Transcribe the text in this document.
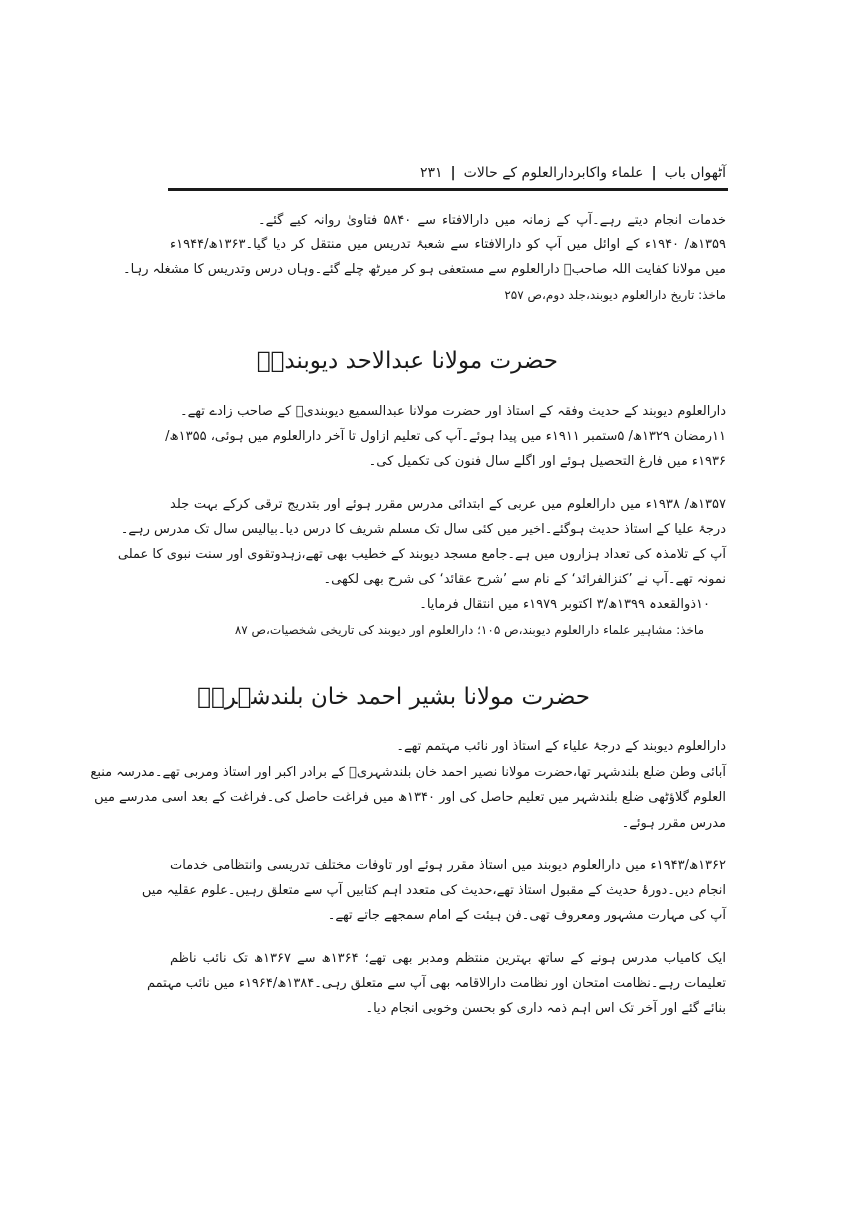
آٹھواں باب
|
علماء واکابردارالعلوم کے حالات
|
۲۳۱
خدمات انجام دیتے رہے۔آپ کے زمانہ میں دارالافتاء سے ۵۸۴۰ فتاویٰ روانہ کیے گئے۔
۱۳۵۹ھ/ ۱۹۴۰ء کے اوائل میں آپ کو دارالافتاء سے شعبۂ تدریس میں منتقل کر دیا گیا۔۱۳۶۳ھ/۱۹۴۴ء
میں مولانا کفایت اللہ صاحبؒ دارالعلوم سے مستعفی ہو کر میرٹھ چلے گئے۔وہاں درس وتدریس کا مشغلہ رہا۔
ماخذ: تاریخ دارالعلوم دیوبند،جلد دوم،ص ۲۵۷
حضرت مولانا عبدالاحد دیوبندیؒ
دارالعلوم دیوبند کے حدیث وفقہ کے استاذ اور حضرت مولانا عبدالسمیع دیوبندیؒ کے صاحب زادے تھے۔
۱۱رمضان ۱۳۲۹ھ/ ۵ستمبر ۱۹۱۱ء میں پیدا ہوئے۔آپ کی تعلیم ازاول تا آخر دارالعلوم میں ہوئی، ۱۳۵۵ھ/
۱۹۳۶ء میں فارغ التحصیل ہوئے اور اگلے سال فنون کی تکمیل کی۔
۱۳۵۷ھ/ ۱۹۳۸ء میں دارالعلوم میں عربی کے ابتدائی مدرس مقرر ہوئے اور بتدریج ترقی کرکے بہت جلد
درجۂ علیا کے استاذ حدیث ہوگئے۔اخیر میں کئی سال تک مسلم شریف کا درس دیا۔بیالیس سال تک مدرس رہے۔
آپ کے تلامذہ کی تعداد ہزاروں میں ہے۔جامع مسجد دیوبند کے خطیب بھی تھے،زہدوتقوی اور سنت نبوی کا عملی
نمونہ تھے۔آپ نے ’کنزالفرائد‘ کے نام سے ’شرح عقائد‘ کی شرح بھی لکھی۔
۱۰ذوالقعدہ ۱۳۹۹ھ/۳ اکتوبر ۱۹۷۹ء میں انتقال فرمایا۔
ماخذ: مشاہیر علماء دارالعلوم دیوبند،ص ۱۰۵؛ دارالعلوم اور دیوبند کی تاریخی شخصیات،ص ۸۷
حضرت مولانا بشیر احمد خان بلندشہریؒ
دارالعلوم دیوبند کے درجۂ علیاء کے استاذ اور نائب مہتمم تھے۔
آبائی وطن ضلع بلندشہر تھا،حضرت مولانا نصیر احمد خان بلندشہریؒ کے برادر اکبر اور استاذ ومربی تھے۔مدرسہ منبع
العلوم گلاؤٹھی ضلع بلندشہر میں تعلیم حاصل کی اور ۱۳۴۰ھ میں فراغت حاصل کی۔فراغت کے بعد اسی مدرسے میں
مدرس مقرر ہوئے۔
۱۳۶۲ھ/۱۹۴۳ء میں دارالعلوم دیوبند میں استاذ مقرر ہوئے اور تاوفات مختلف تدریسی وانتظامی خدمات
انجام دیں۔دورۂ حدیث کے مقبول استاذ تھے،حدیث کی متعدد اہم کتابیں آپ سے متعلق رہیں۔علوم عقلیہ میں
آپ کی مہارت مشہور ومعروف تھی۔فن ہیئت کے امام سمجھے جاتے تھے۔
ایک کامیاب مدرس ہونے کے ساتھ بہترین منتظم ومدبر بھی تھے؛ ۱۳۶۴ھ سے ۱۳۶۷ھ تک نائب ناظم
تعلیمات رہے۔نظامت امتحان اور نظامت دارالاقامہ بھی آپ سے متعلق رہی۔۱۳۸۴ھ/۱۹۶۴ء میں نائب مہتمم
بنائے گئے اور آخر تک اس اہم ذمہ داری کو بحسن وخوبی انجام دیا۔
